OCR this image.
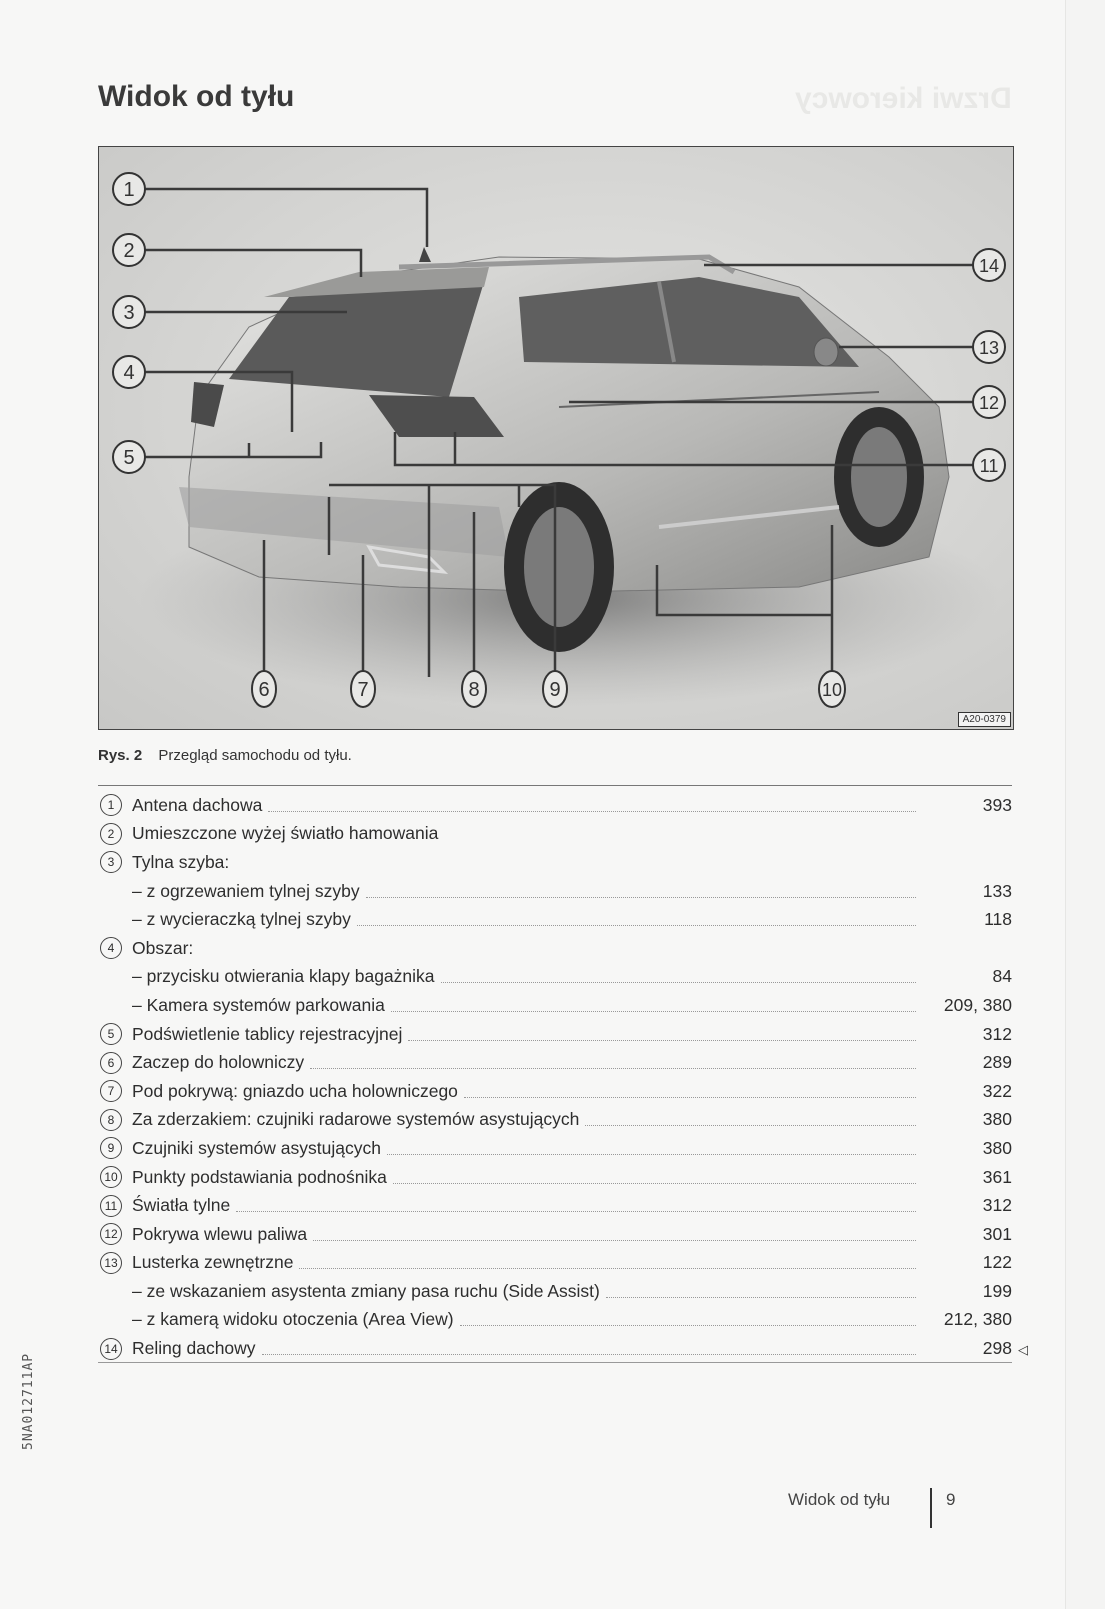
Drzwi kierowcy
Widok od tyłu
1
2
3
4
5
6	7	8	9	10
11
12
13
14
A20-0379
Rys. 2 Przegląd samochodu od tyłu.
1	Antena dachowa	393
2	Umieszczone wyżej światło hamowania
3	Tylna szyba:
– z ogrzewaniem tylnej szyby	133
– z wycieraczką tylnej szyby	118
4	Obszar:
– przycisku otwierania klapy bagażnika	84
– Kamera systemów parkowania	209, 380
5	Podświetlenie tablicy rejestracyjnej	312
6	Zaczep do holowniczy	289
7	Pod pokrywą: gniazdo ucha holowniczego	322
8	Za zderzakiem: czujniki radarowe systemów asystujących	380
9	Czujniki systemów asystujących	380
10 Punkty podstawiania podnośnika	361
11 Światła tylne	312
12 Pokrywa wlewu paliwa	301
13 Lusterka zewnętrzne	122
– ze wskazaniem asystenta zmiany pasa ruchu (Side Assist)	199
– z kamerą widoku otoczenia (Area View)	212, 380
14 Reling dachowy	298 ◁
5NA012711AP
Widok od tyłu	9
